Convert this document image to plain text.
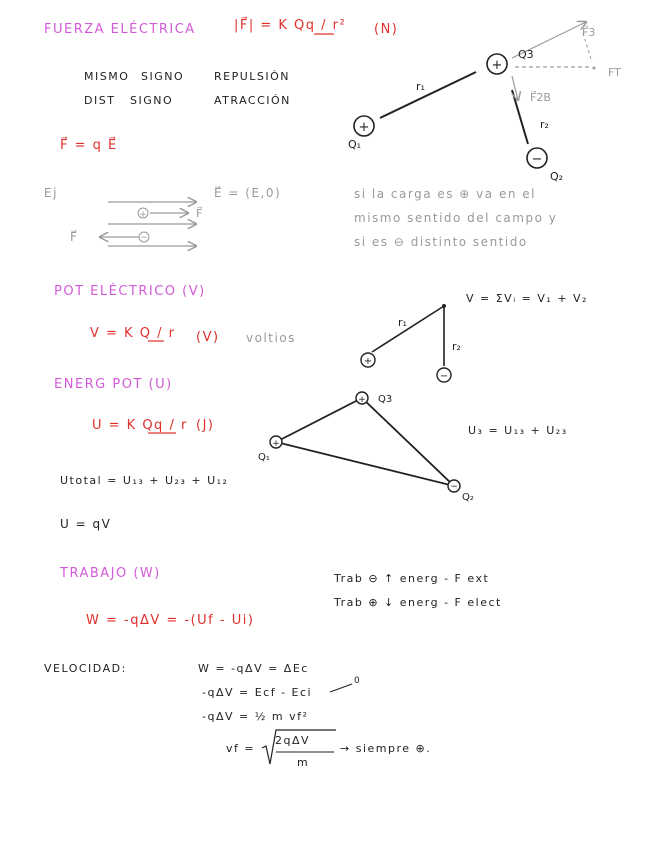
FUERZA ELÉCTRICA	|F⃗| = K Qq / r² (N)
MISMO SIGNO	REPULSIÓN
DIST SIGNO	ATRACCIÓN
F⃗ = q E⃗
Ej	E⃗ = (E,0)
F⃗
F⃗
si la carga es ⊕ va en el
mismo sentido del campo y
si es ⊖ distinto sentido
POT ELÉCTRICO (V)
V = K Q / r (V) voltios
V = ΣVᵢ = V₁ + V₂
ENERG POT (U)
U = K Qq / r (J)	U₃ = U₁₃ + U₂₃
Utotal = U₁₃ + U₂₃ + U₁₂
U = qV
TRABAJO (W)
W = -qΔV = -(Uf - Ui)
Trab ⊖ ↑ energ - F ext
Trab ⊕ ↓ energ - F elect
VELOCIDAD:	W = -qΔV = ΔEc
-qΔV = Ecf - Eci
0
-qΔV = ½ m vf²
vf =
2qΔV
m
→ siempre ⊕.
+
−
+
+
−
Q₁
Q₂
Q3
r₁
r₂
F⃗3
F⃗2B
FT
+
−
r₁
r₂
+
+
−
Q₁
Q3
Q₂
